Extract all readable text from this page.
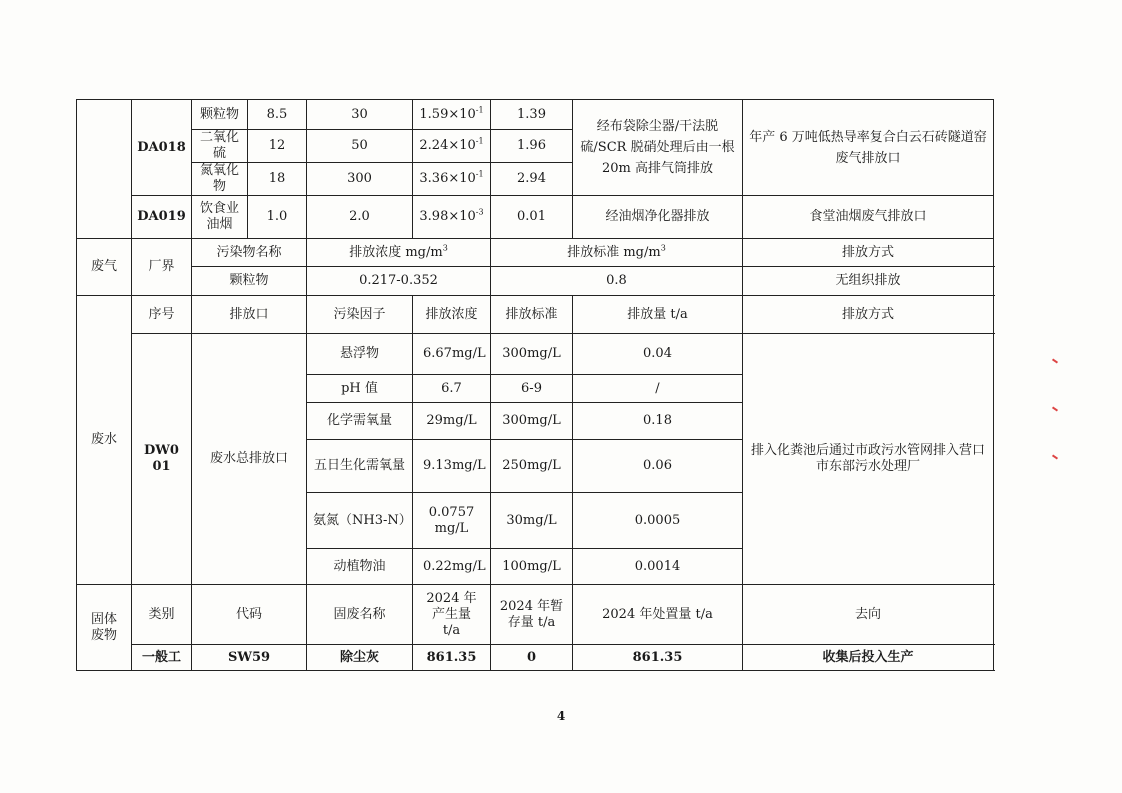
	DA018	颗粒物	8.5	30	$1.59\times 10^{-1}$	1.39	经布袋除尘器/干法脱硫/SCR 脱硝处理后由一根 20m 高排气筒排放	年产 6 万吨低热导率复合白云石砖隧道窑废气排放口
		二氧化硫	12	50	$2.24\times 10^{-1}$	1.96		
		氮氧化物	18	300	$3.36\times 10^{-1}$	2.94		
	DA019	饮食业油烟	1.0	2.0	$3.98\times 10^{-3}$	0.01	经油烟净化器排放	食堂油烟废气排放口
废气	厂界	污染物名称		排放浓度 $mg/m^3$		排放标准 $mg/m^3$		排放方式
		颗粒物		0.217-0.352		0.8		无组织排放
废水	序号	排放口		污染因子	排放浓度	排放标准	排放量 t/a	排放方式
	DW001	废水总排放口		悬浮物	6.67mg/L	300mg/L	0.04	排入化粪池后通过市政污水管网排入营口市东部污水处理厂
				pH 值	6.7	6-9	/	
				化学需氧量	29mg/L	300mg/L	0.18	
				五日生化需氧量	9.13mg/L	250mg/L	0.06	
				氨氮（NH3-N）	0.0757 mg/L	30mg/L	0.0005	
				动植物油	0.22mg/L	100mg/L	0.0014	
固体废物	类别	代码		固废名称	2024 年产生量 t/a	2024 年暂存量 t/a	2024 年处置量 t/a	去向
	一般工	SW59		除尘灰	861.35	0	861.35	收集后投入生产
4
